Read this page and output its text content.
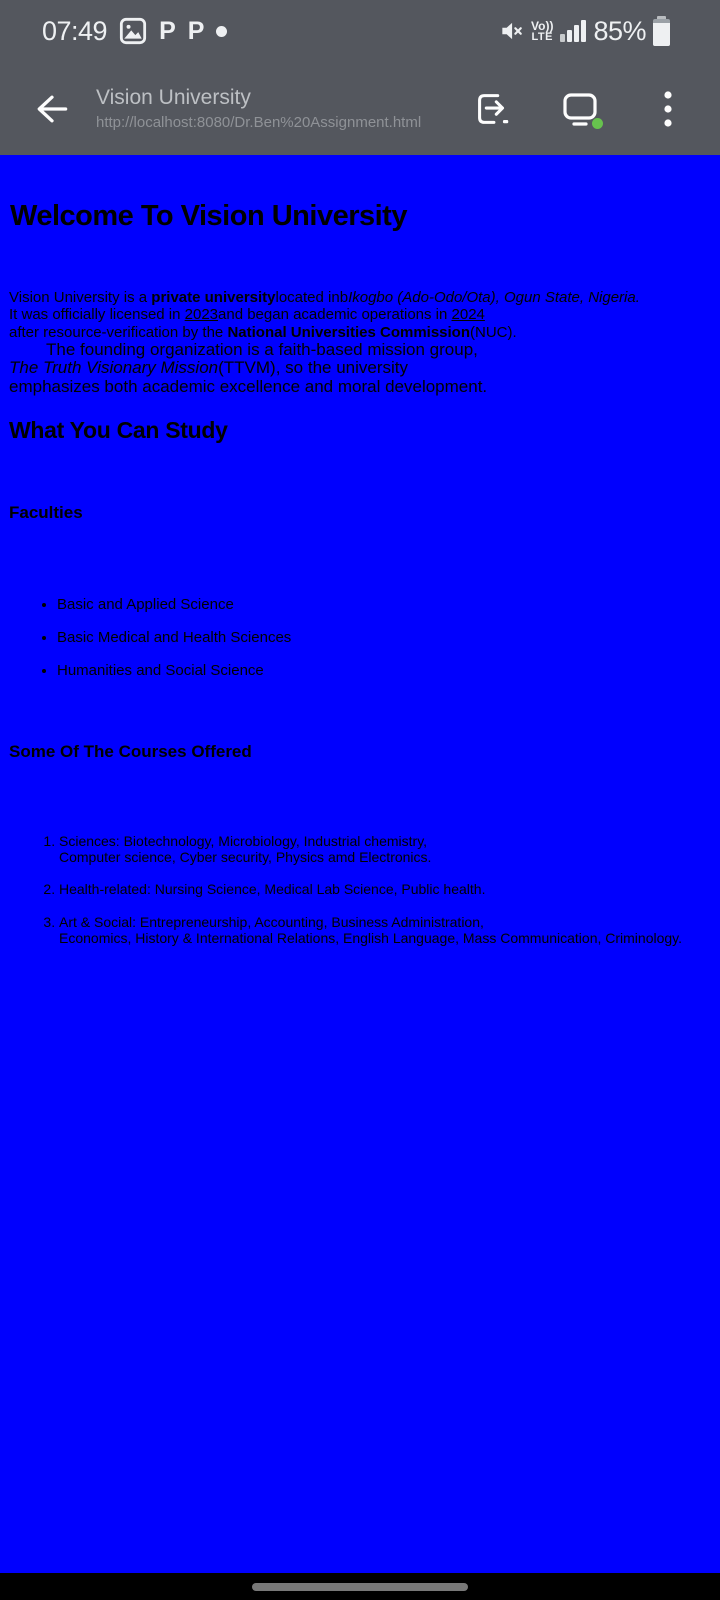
07:49 P P	Vo))
LTE 85%
Vision University
http://localhost:8080/Dr.Ben%20Assignment.html
Welcome To Vision University

Vision University is a private universitylocated inbIkogbo (Ado-Odo/Ota), Ogun State, Nigeria.
It was officially licensed in 2023and began academic operations in 2024
after resource-verification by the National Universities Commission(NUC).
The founding organization is a faith-based mission group,
The Truth Visionary Mission(TTVM), so the university
emphasizes both academic excellence and moral development.

What You Can Study
Faculties
• Basic and Applied Science
• Basic Medical and Health Sciences
• Humanities and Social Science
Some Of The Courses Offered
1. Sciences: Biotechnology, Microbiology, Industrial chemistry,
Computer science, Cyber security, Physics amd Electronics.
2. Health-related: Nursing Science, Medical Lab Science, Public health.
3. Art & Social: Entrepreneurship, Accounting, Business Administration,
Economics, History & International Relations, English Language, Mass Communication, Criminology.
